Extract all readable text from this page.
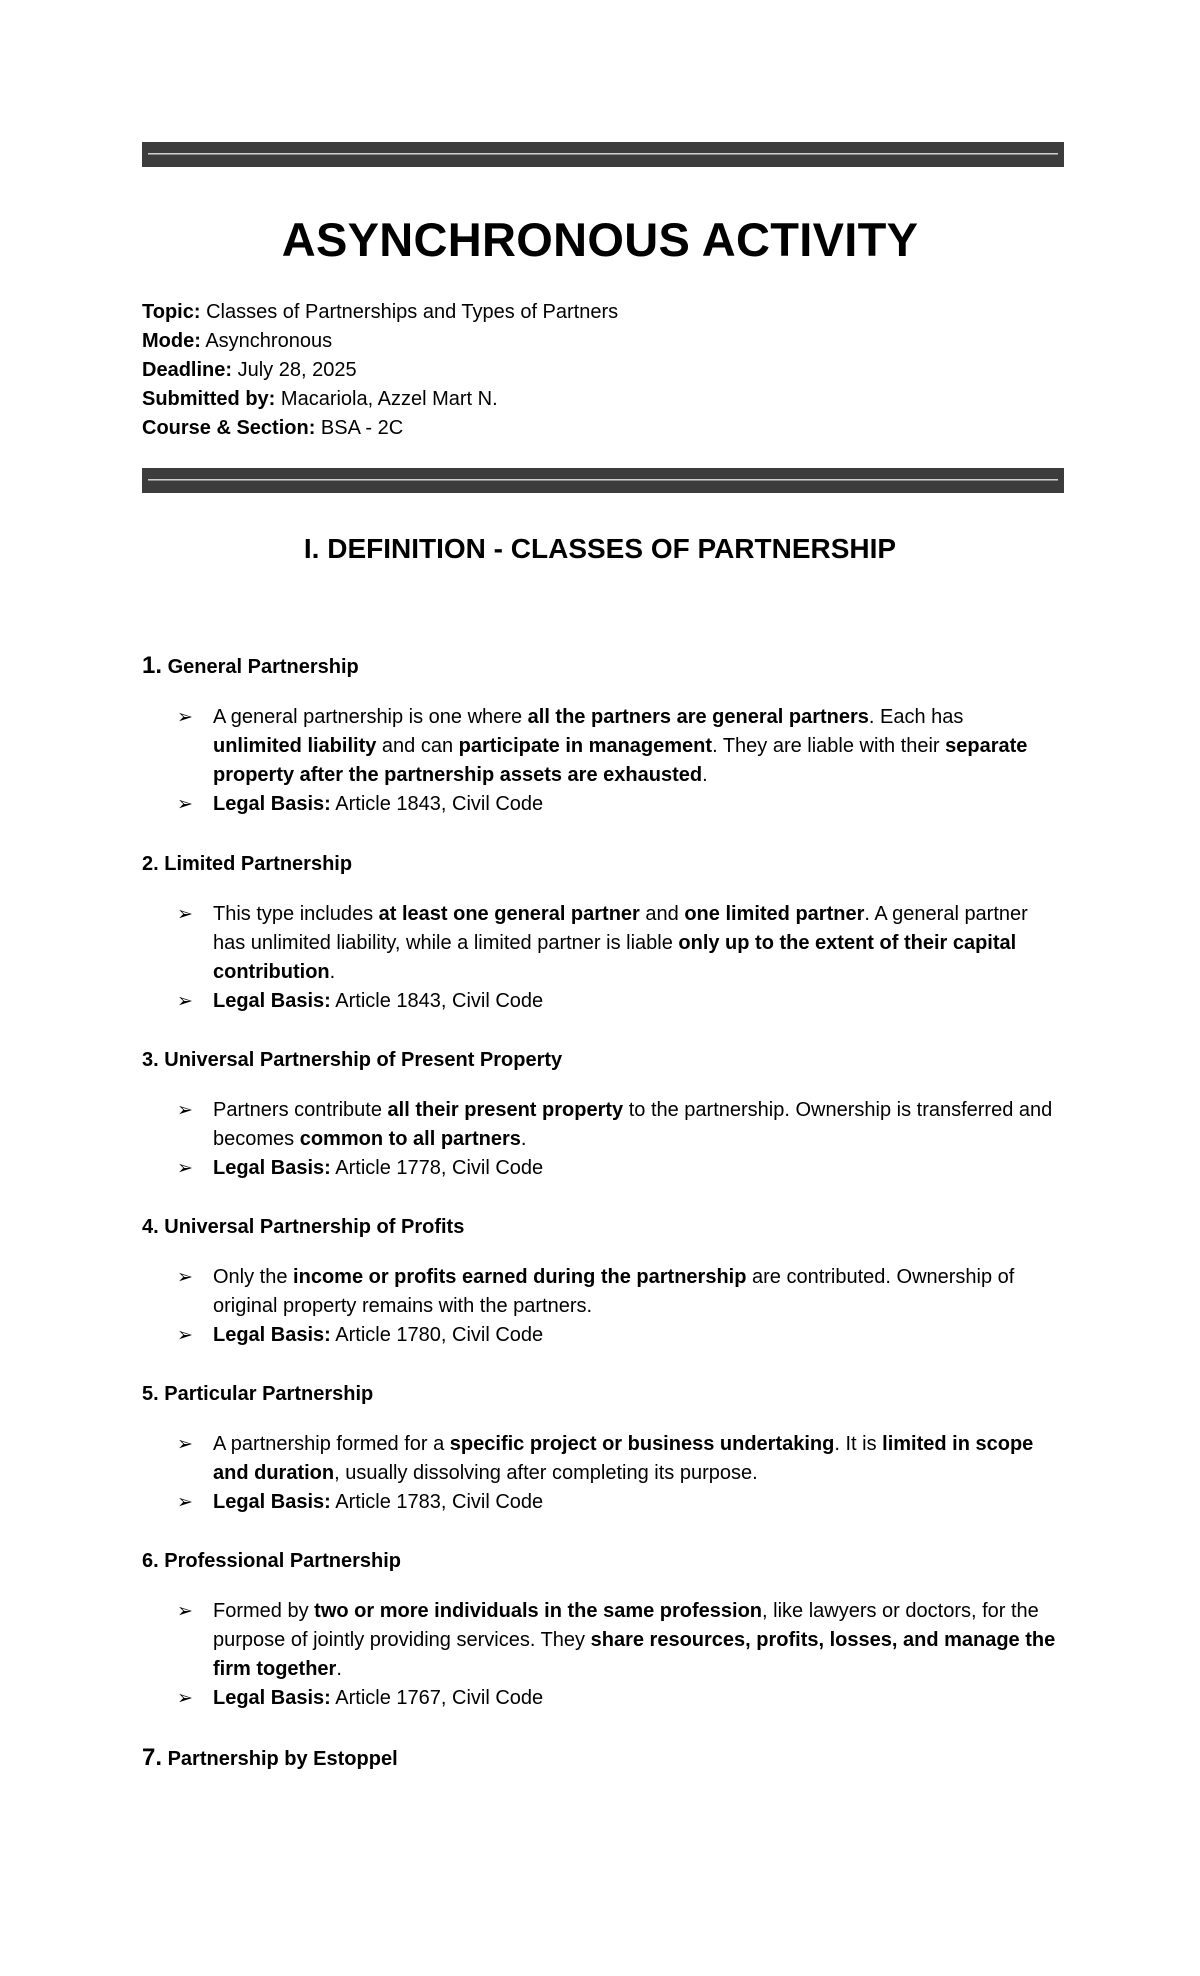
ASYNCHRONOUS ACTIVITY
Topic: Classes of Partnerships and Types of Partners
Mode: Asynchronous
Deadline: July 28, 2025
Submitted by: Macariola, Azzel Mart N.
Course & Section: BSA - 2C
I. DEFINITION - CLASSES OF PARTNERSHIP
1. General Partnership
➢ A general partnership is one where all the partners are general partners. Each has unlimited liability and can participate in management. They are liable with their separate property after the partnership assets are exhausted.
➢ Legal Basis: Article 1843, Civil Code
2. Limited Partnership
➢ This type includes at least one general partner and one limited partner. A general partner has unlimited liability, while a limited partner is liable only up to the extent of their capital contribution.
➢ Legal Basis: Article 1843, Civil Code
3. Universal Partnership of Present Property
➢ Partners contribute all their present property to the partnership. Ownership is transferred and becomes common to all partners.
➢ Legal Basis: Article 1778, Civil Code
4. Universal Partnership of Profits
➢ Only the income or profits earned during the partnership are contributed. Ownership of original property remains with the partners.
➢ Legal Basis: Article 1780, Civil Code
5. Particular Partnership
➢ A partnership formed for a specific project or business undertaking. It is limited in scope and duration, usually dissolving after completing its purpose.
➢ Legal Basis: Article 1783, Civil Code
6. Professional Partnership
➢ Formed by two or more individuals in the same profession, like lawyers or doctors, for the purpose of jointly providing services. They share resources, profits, losses, and manage the firm together.
➢ Legal Basis: Article 1767, Civil Code
7. Partnership by Estoppel
